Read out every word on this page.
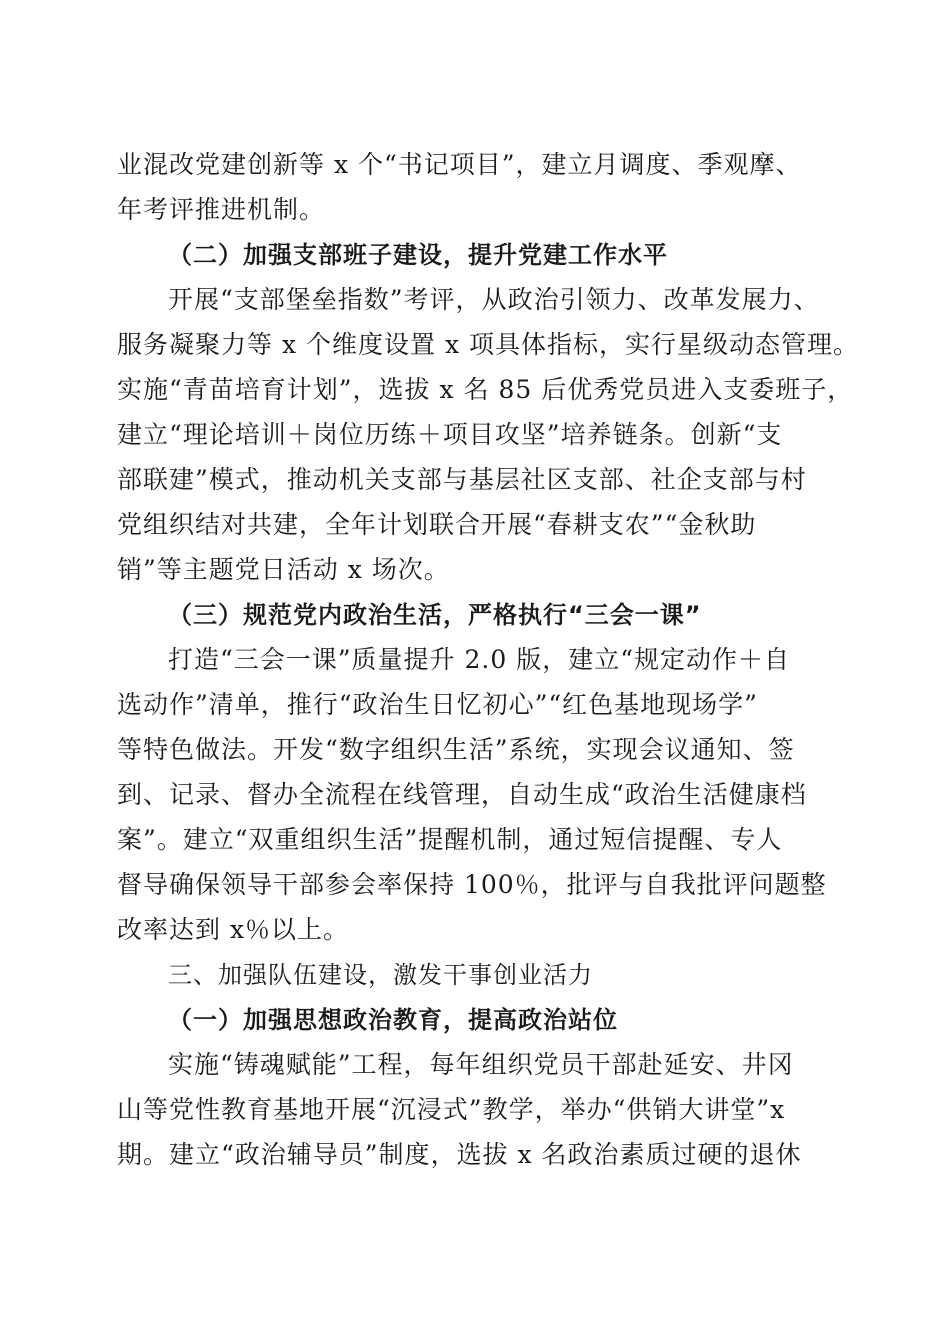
业混改党建创新等 x 个“书记项目”，建立月调度、季观摩、
年考评推进机制。
（二）加强支部班子建设，提升党建工作水平
开展“支部堡垒指数”考评，从政治引领力、改革发展力、
服务凝聚力等 x 个维度设置 x 项具体指标，实行星级动态管理。
实施“青苗培育计划”，选拔 x 名 85 后优秀党员进入支委班子，
建立“理论培训＋岗位历练＋项目攻坚”培养链条。创新“支
部联建”模式，推动机关支部与基层社区支部、社企支部与村
党组织结对共建，全年计划联合开展“春耕支农”“金秋助
销”等主题党日活动 x 场次。
（三）规范党内政治生活，严格执行“三会一课”
打造“三会一课”质量提升 2.0 版，建立“规定动作＋自
选动作”清单，推行“政治生日忆初心”“红色基地现场学”
等特色做法。开发“数字组织生活”系统，实现会议通知、签
到、记录、督办全流程在线管理，自动生成“政治生活健康档
案”。建立“双重组织生活”提醒机制，通过短信提醒、专人
督导确保领导干部参会率保持 100％，批评与自我批评问题整
改率达到 x％以上。
三、加强队伍建设，激发干事创业活力
（一）加强思想政治教育，提高政治站位
实施“铸魂赋能”工程，每年组织党员干部赴延安、井冈
山等党性教育基地开展“沉浸式”教学，举办“供销大讲堂”x
期。建立“政治辅导员”制度，选拔 x 名政治素质过硬的退休
